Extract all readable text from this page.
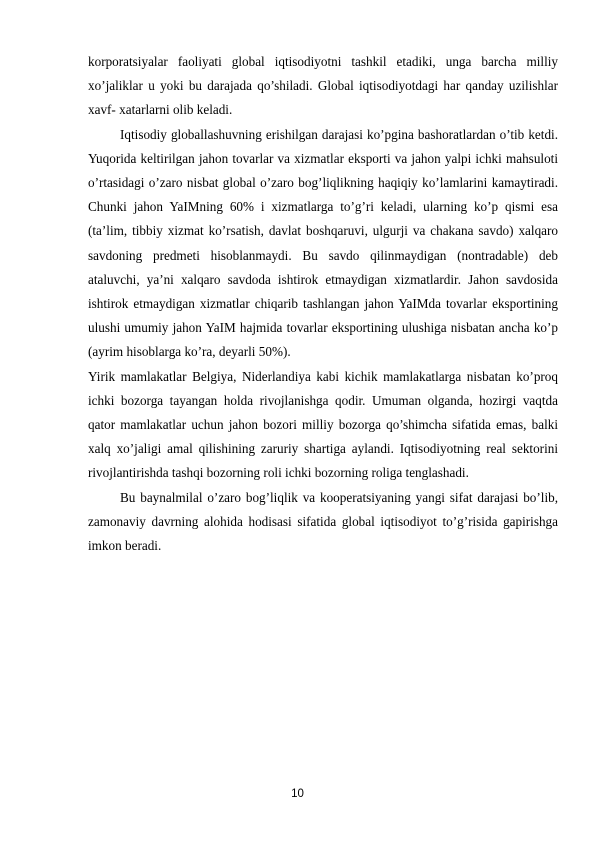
korporatsiyalar faoliyati global iqtisodiyotni tashkil etadiki, unga barcha milliy xo’jaliklar u yoki bu darajada qo’shiladi. Global iqtisodiyotdagi har qanday uzilishlar xavf- xatarlarni olib keladi.

Iqtisodiy globallashuvning erishilgan darajasi ko’pgina bashoratlardan o’tib ketdi. Yuqorida keltirilgan jahon tovarlar va xizmatlar eksporti va jahon yalpi ichki mahsuloti o’rtasidagi o’zaro nisbat global o’zaro bog’liqlikning haqiqiy ko’lamlarini kamaytiradi. Chunki jahon YaIMning 60% i xizmatlarga to’g’ri keladi, ularning ko’p qismi esa (ta’lim, tibbiy xizmat ko’rsatish, davlat boshqaruvi, ulgurji va chakana savdo) xalqaro savdoning predmeti hisoblanmaydi. Bu savdo qilinmaydigan (nontradable) deb ataluvchi, ya’ni xalqaro savdoda ishtirok etmaydigan xizmatlardir. Jahon savdosida ishtirok etmaydigan xizmatlar chiqarib tashlangan jahon YaIMda tovarlar eksportining ulushi umumiy jahon YaIM hajmida tovarlar eksportining ulushiga nisbatan ancha ko’p (ayrim hisoblarga ko’ra, deyarli 50%).

Yirik mamlakatlar Belgiya, Niderlandiya kabi kichik mamlakatlarga nisbatan ko’proq ichki bozorga tayangan holda rivojlanishga qodir. Umuman olganda, hozirgi vaqtda qator mamlakatlar uchun jahon bozori milliy bozorga qo’shimcha sifatida emas, balki xalq xo’jaligi amal qilishining zaruriy shartiga aylandi. Iqtisodiyotning real sektorini rivojlantirishda tashqi bozorning roli ichki bozorning roliga tenglashadi.

Bu baynalmilal o’zaro bog’liqlik va kooperatsiyaning yangi sifat darajasi bo’lib, zamonaviy davrning alohida hodisasi sifatida global iqtisodiyot to’g’risida gapirishga imkon beradi.

10
